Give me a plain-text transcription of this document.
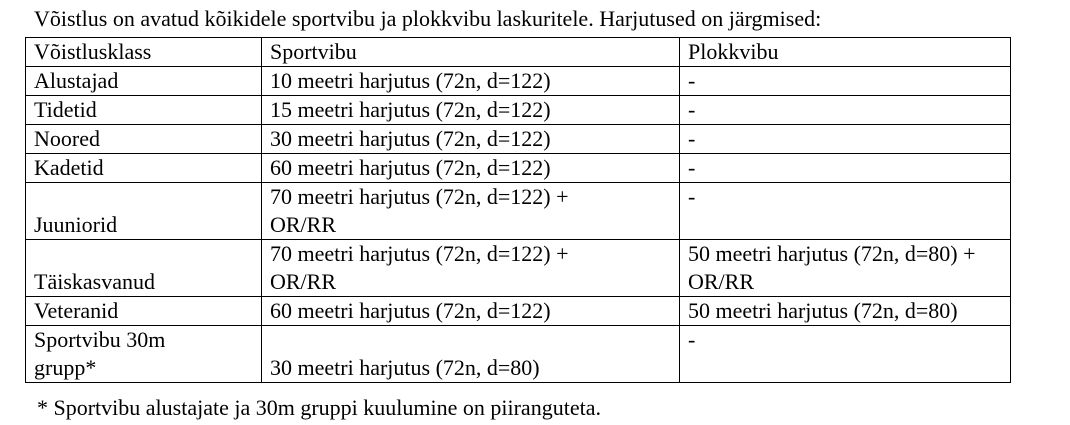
Võistlus on avatud kõikidele sportvibu ja plokkvibu laskuritele. Harjutused on järgmised:
Võistlusklass	Sportvibu	Plokkvibu
Alustajad	10 meetri harjutus (72n, d=122)	-
Tidetid	15 meetri harjutus (72n, d=122)	-
Noored	30 meetri harjutus (72n, d=122)	-
Kadetid	60 meetri harjutus (72n, d=122)	-
Juuniorid	70 meetri harjutus (72n, d=122) + OR/RR	-
Täiskasvanud	70 meetri harjutus (72n, d=122) + OR/RR	50 meetri harjutus (72n, d=80) + OR/RR
Veteranid	60 meetri harjutus (72n, d=122)	50 meetri harjutus (72n, d=80)
Sportvibu 30m grupp*	30 meetri harjutus (72n, d=80)	-
* Sportvibu alustajate ja 30m gruppi kuulumine on piiranguteta.
